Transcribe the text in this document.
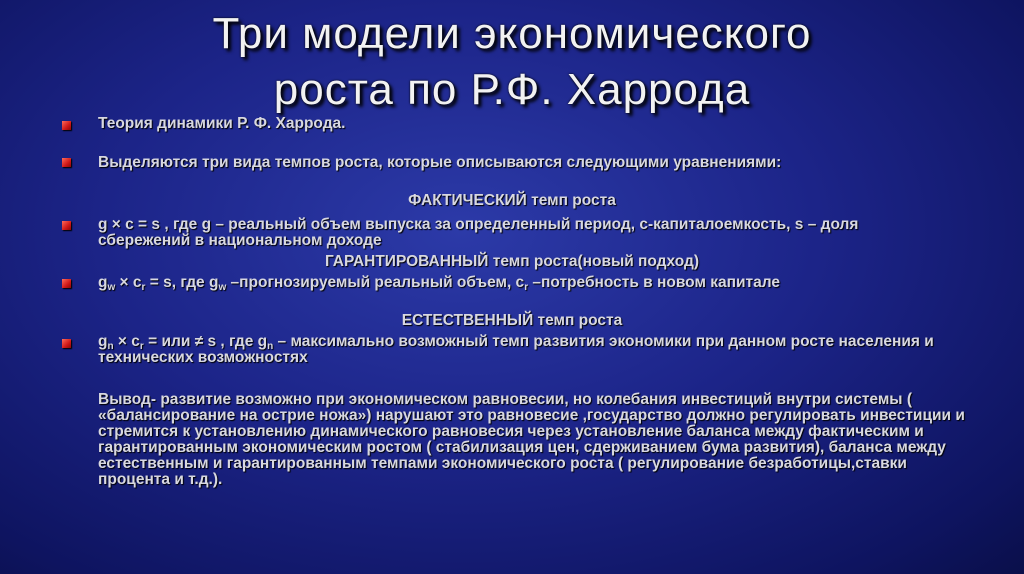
Три модели экономического
роста по Р.Ф. Харрода
Теория динамики Р. Ф. Харрода.
Выделяются три вида темпов роста, которые описываются следующими уравнениями:
ФАКТИЧЕСКИЙ темп роста
g × c = s , где g – реальный объем выпуска за определенный период, с-капиталоемкость, s – доля сбережений в национальном доходе
ГАРАНТИРОВАННЫЙ темп роста(новый подход)
$g_w \times c_r = s$, где $g_w$ –прогнозируемый реальный объем, $c_r$ –потребность в новом капитале
ЕСТЕСТВЕННЫЙ темп роста
$g_n \times c_r$ = или ≠ s , где $g_n$ – максимально возможный темп развития экономики при данном росте населения и технических возможностях
Вывод- развитие возможно при экономическом равновесии, но колебания инвестиций внутри системы ( «балансирование на острие ножа») нарушают это равновесие ,государство должно регулировать инвестиции и стремится к установлению динамического равновесия через установление баланса между фактическим и гарантированным экономическим ростом ( стабилизация цен, сдерживанием бума развития), баланса между естественным и гарантированным темпами экономического роста ( регулирование безработицы,ставки процента и т.д.).
